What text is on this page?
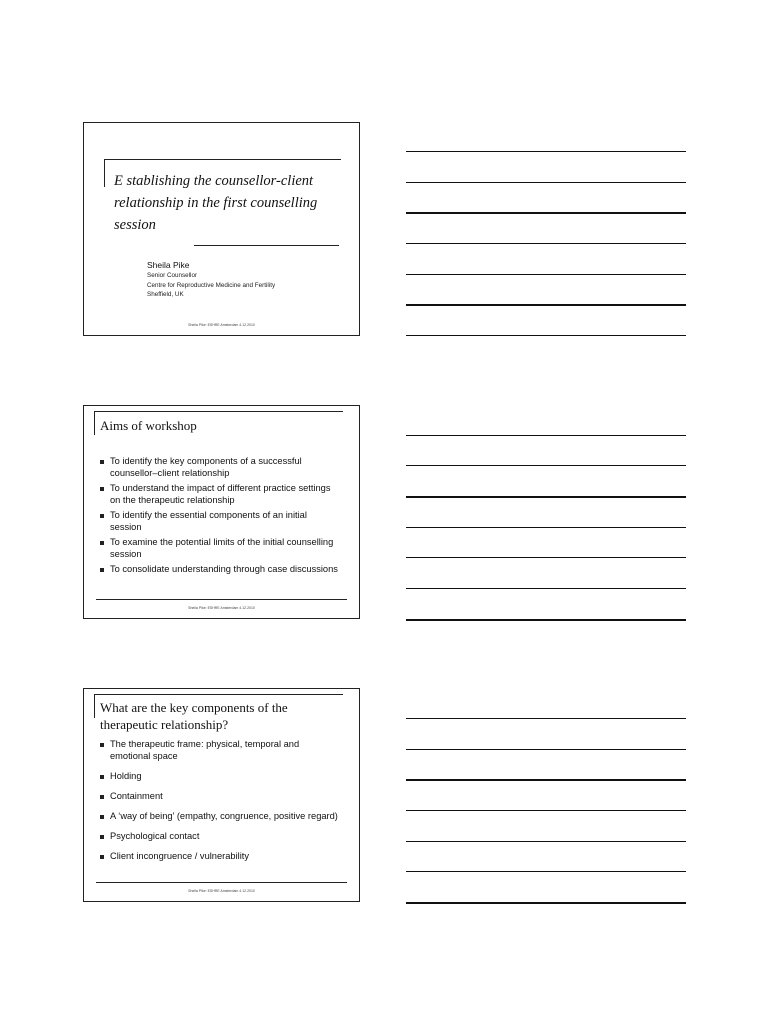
E stablishing the counsellor-client
relationship in the first counselling
session
Sheila Pike
Senior Counsellor
Centre for Reproductive Medicine and Fertility
Sheffield, UK
Sheila Pike: ESHRE Amsterdam 4.12.2010
Aims of workshop
To identify the key components of a successful counsellor–client relationship
To understand the impact of different practice settings on the therapeutic relationship
To identify the essential components of an initial session
To examine the potential limits of the initial counselling session
To consolidate understanding through case discussions
Sheila Pike: ESHRE Amsterdam 4.12.2010
What are the key components of the therapeutic relationship?
The therapeutic frame: physical, temporal and emotional space
Holding
Containment
A ‘way of being’ (empathy, congruence, positive regard)
Psychological contact
Client incongruence / vulnerability
Sheila Pike: ESHRE Amsterdam 4.12.2010
